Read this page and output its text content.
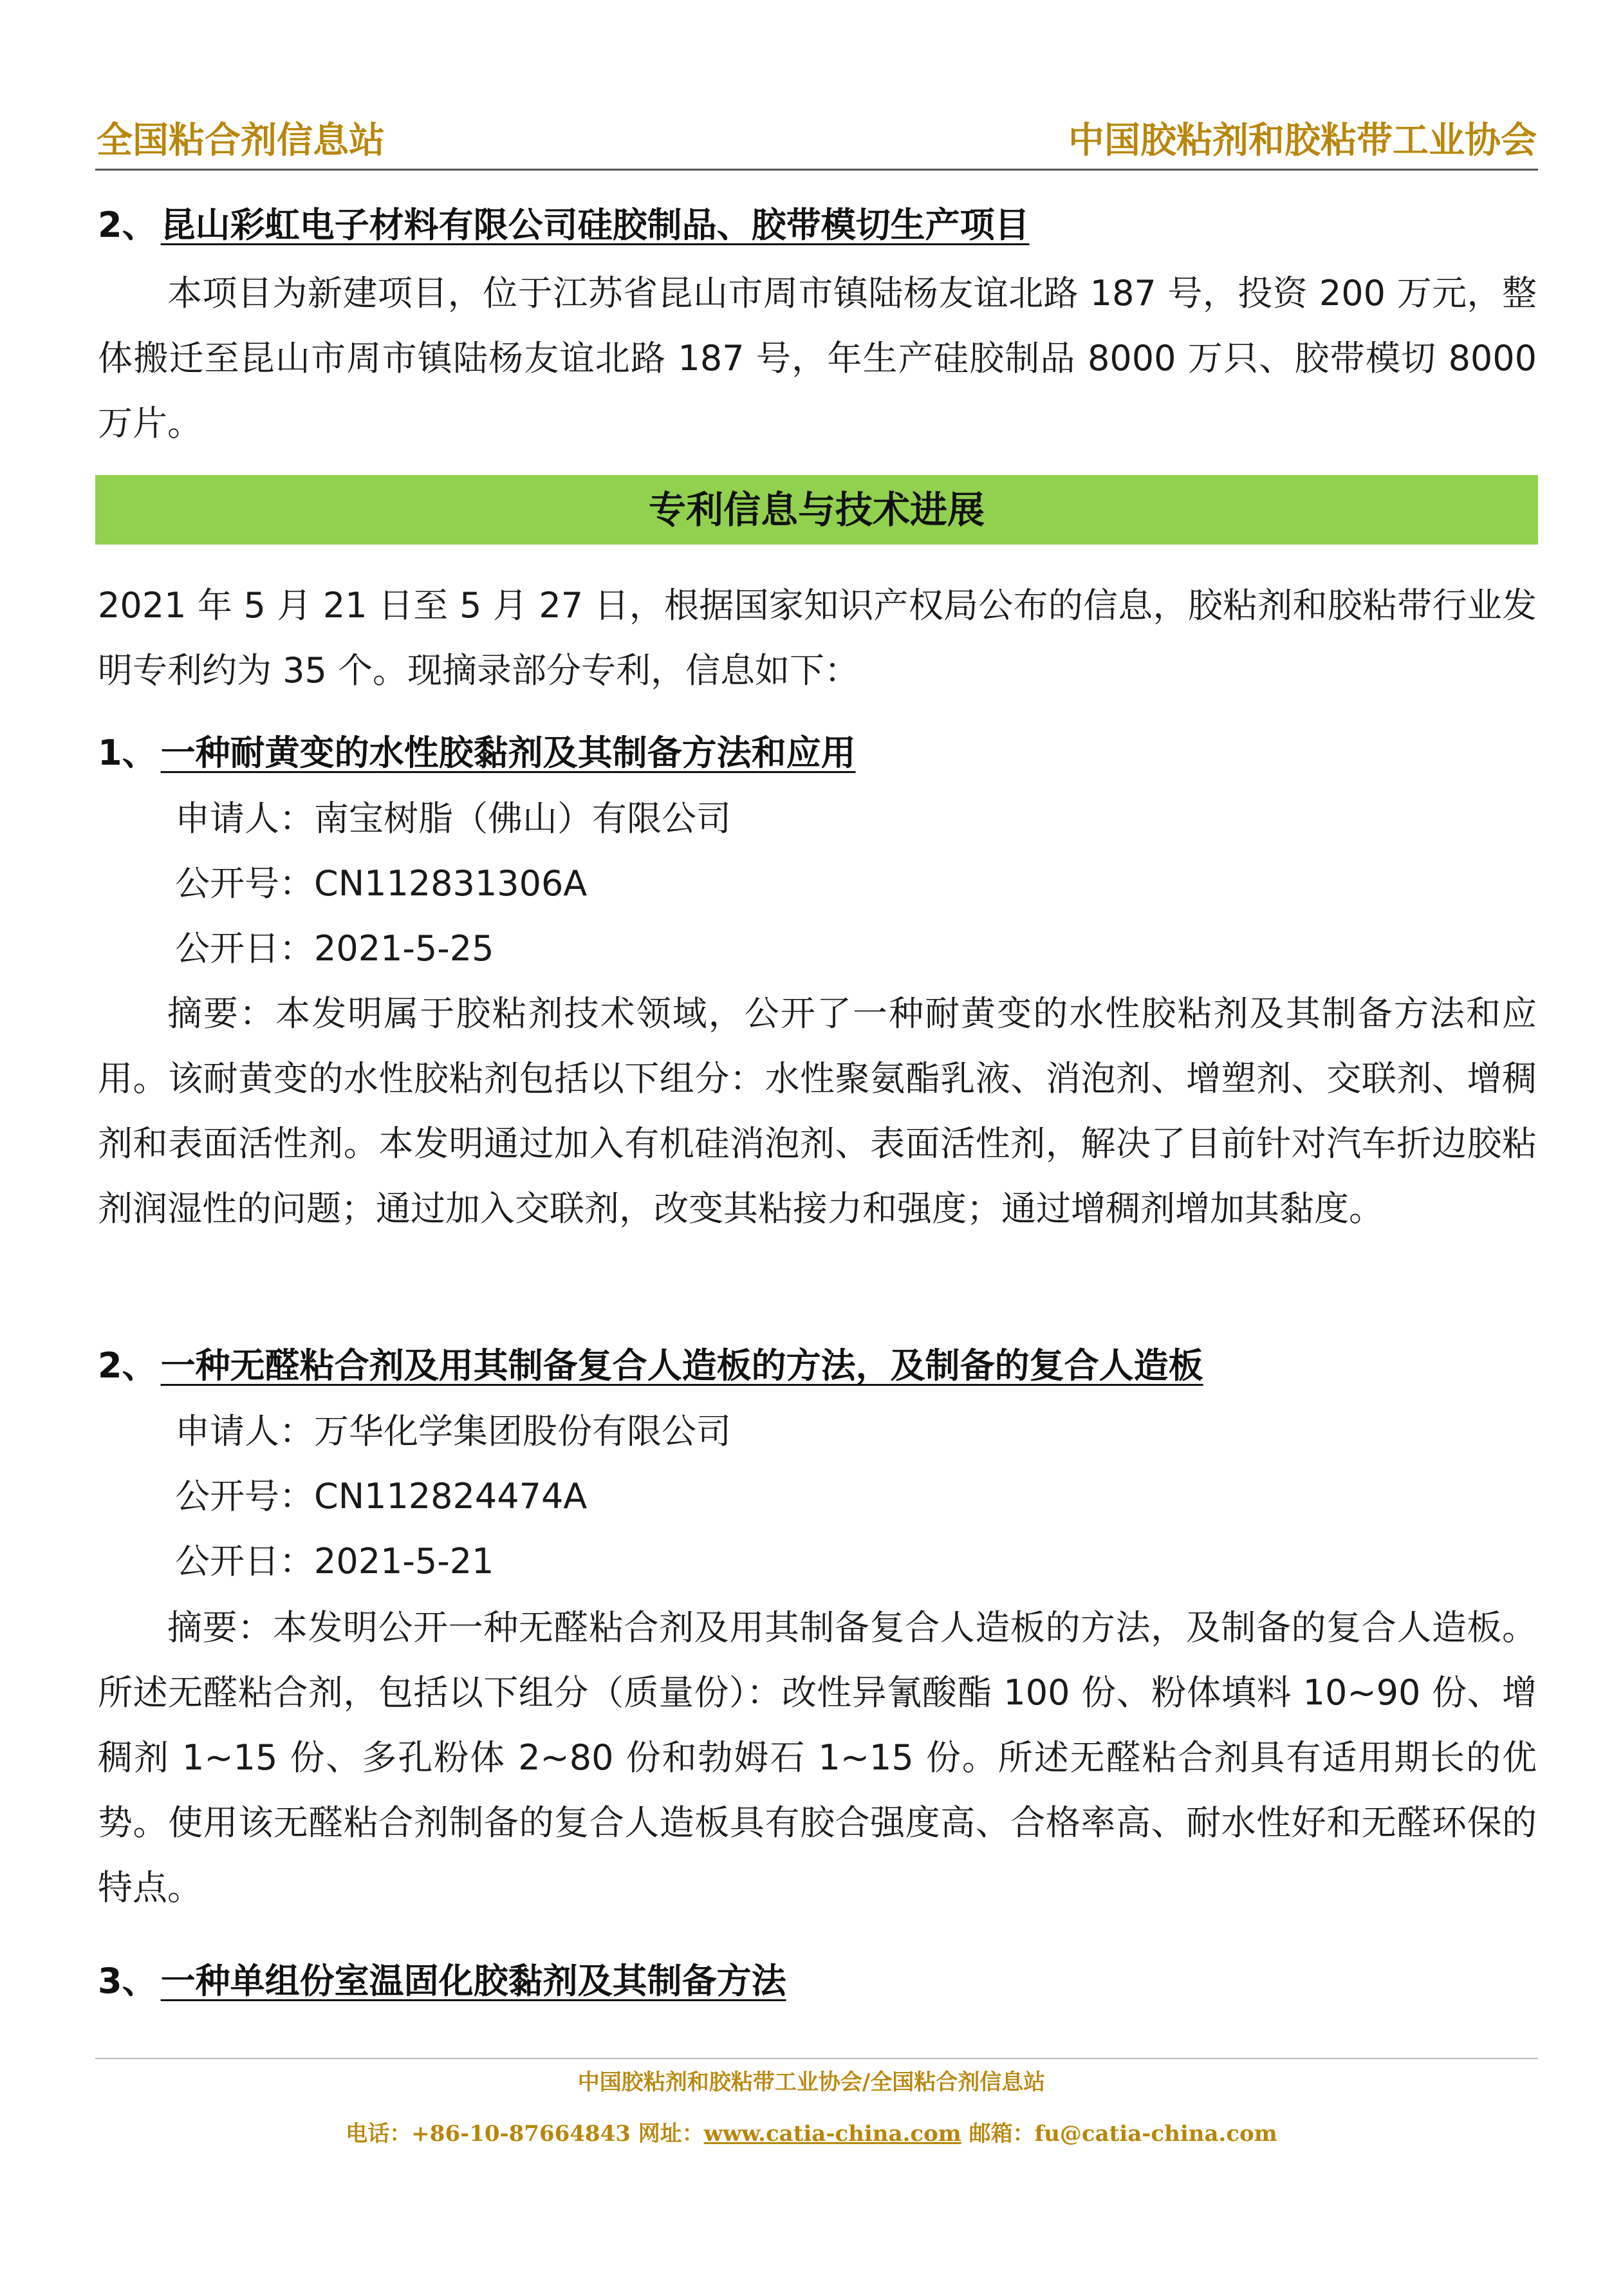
全国粘合剂信息站	中国胶粘剂和胶粘带工业协会
2、 昆山彩虹电子材料有限公司硅胶制品、胶带模切生产项目
本项目为新建项目，位于江苏省昆山市周市镇陆杨友谊北路 187 号，投资 200 万元，整体搬迁至昆山市周市镇陆杨友谊北路 187 号，年生产硅胶制品 8000 万只、胶带模切 8000 万片。
专利信息与技术进展
2021 年 5 月 21 日至 5 月 27 日，根据国家知识产权局公布的信息，胶粘剂和胶粘带行业发明专利约为 35 个。现摘录部分专利，信息如下：
1、 一种耐黄变的水性胶黏剂及其制备方法和应用
申请人：南宝树脂（佛山）有限公司
公开号：CN112831306A
公开日：2021-5-25
摘要：本发明属于胶粘剂技术领域，公开了一种耐黄变的水性胶粘剂及其制备方法和应用。该耐黄变的水性胶粘剂包括以下组分：水性聚氨酯乳液、消泡剂、增塑剂、交联剂、增稠剂和表面活性剂。本发明通过加入有机硅消泡剂、表面活性剂，解决了目前针对汽车折边胶粘剂润湿性的问题；通过加入交联剂，改变其粘接力和强度；通过增稠剂增加其黏度。
2、 一种无醛粘合剂及用其制备复合人造板的方法，及制备的复合人造板
申请人：万华化学集团股份有限公司
公开号：CN112824474A
公开日：2021-5-21
摘要：本发明公开一种无醛粘合剂及用其制备复合人造板的方法，及制备的复合人造板。所述无醛粘合剂，包括以下组分（质量份）：改性异氰酸酯 100 份、粉体填料 10~90 份、增稠剂 1~15 份、多孔粉体 2~80 份和勃姆石 1~15 份。所述无醛粘合剂具有适用期长的优势。使用该无醛粘合剂制备的复合人造板具有胶合强度高、合格率高、耐水性好和无醛环保的特点。
3、 一种单组份室温固化胶黏剂及其制备方法
中国胶粘剂和胶粘带工业协会/全国粘合剂信息站
电话：+86-10-87664843 网址：www.catia-china.com 邮箱：fu@catia-china.com
